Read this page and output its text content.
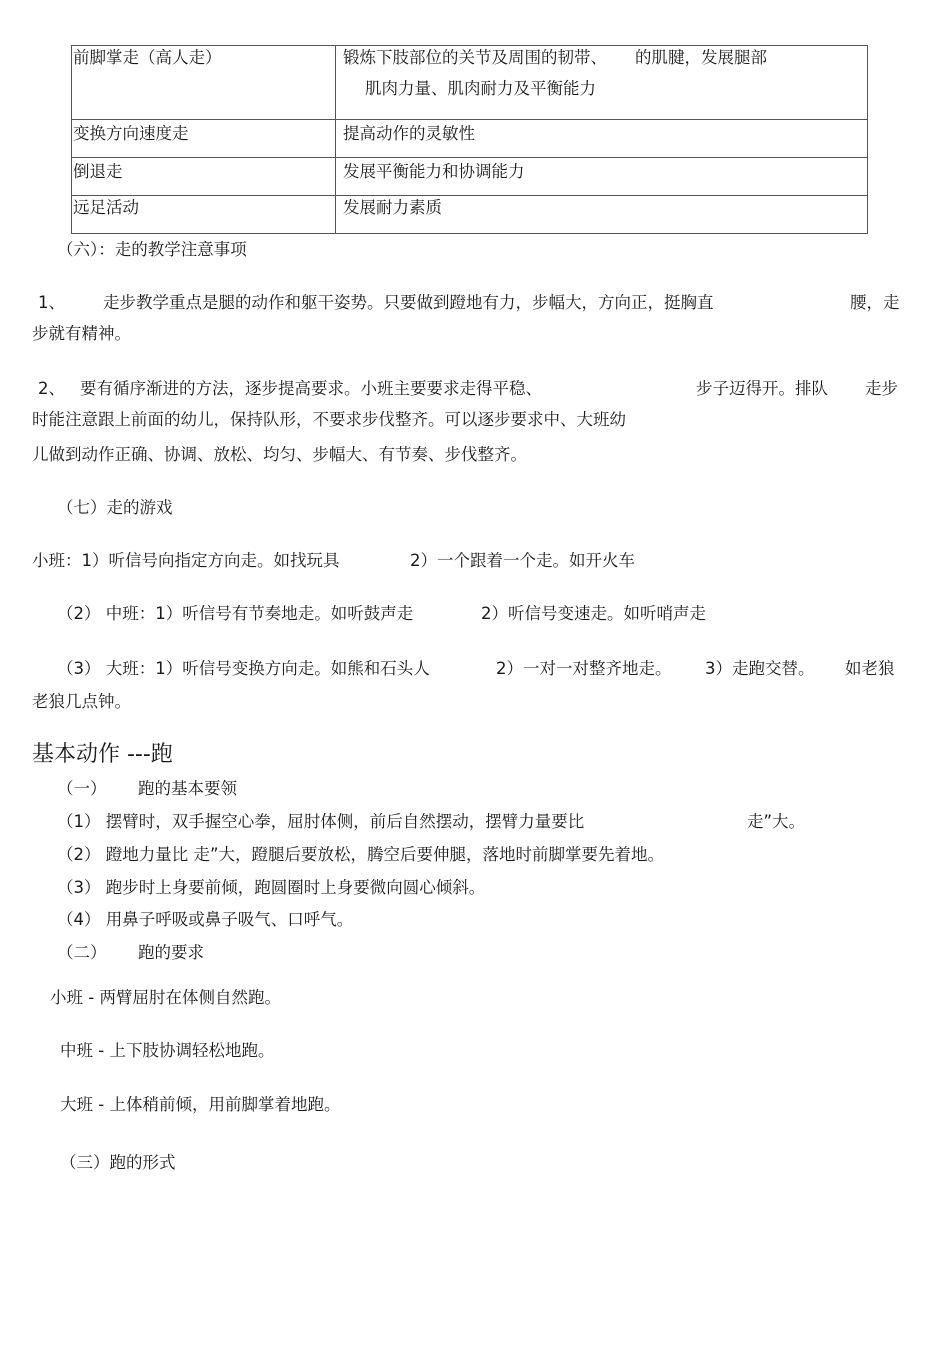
前脚掌走（高人走）	锻炼下肢部位的关节及周围的韧带、 的肌腱，发展腿部
肌肉力量、肌肉耐力及平衡能力

变换方向速度走	提高动作的灵敏性
倒退走	发展平衡能力和协调能力
远足活动	发展耐力素质
（六）：走的教学注意事项
1、 走步教学重点是腿的动作和躯干姿势。只要做到蹬地有力，步幅大，方向正，挺胸直	腰，走
步就有精神。
2、 要有循序渐进的方法，逐步提高要求。小班主要要求走得平稳、	步子迈得开。排队 走步
时能注意跟上前面的幼儿，保持队形，不要求步伐整齐。可以逐步要求中、大班幼
儿做到动作正确、协调、放松、均匀、步幅大、有节奏、步伐整齐。
（七）走的游戏
小班：1）听信号向指定方向走。如找玩具	2）一个跟着一个走。如开火车
（2） 中班：1）听信号有节奏地走。如听鼓声走	2）听信号变速走。如听哨声走
（3） 大班：1）听信号变换方向走。如熊和石头人	2）一对一对整齐地走。 3）走跑交替。 如老狼
老狼几点钟。
基本动作 ---跑
（一） 跑的基本要领
（1） 摆臂时，双手握空心拳，屈肘体侧，前后自然摆动，摆臂力量要比	走”大。
（2） 蹬地力量比 走”大，蹬腿后要放松，腾空后要伸腿，落地时前脚掌要先着地。
（3） 跑步时上身要前倾，跑圆圈时上身要微向圆心倾斜。
（4） 用鼻子呼吸或鼻子吸气、口呼气。
（二） 跑的要求
小班 - 两臂屈肘在体侧自然跑。
中班 - 上下肢协调轻松地跑。
大班 - 上体稍前倾，用前脚掌着地跑。
（三）跑的形式
